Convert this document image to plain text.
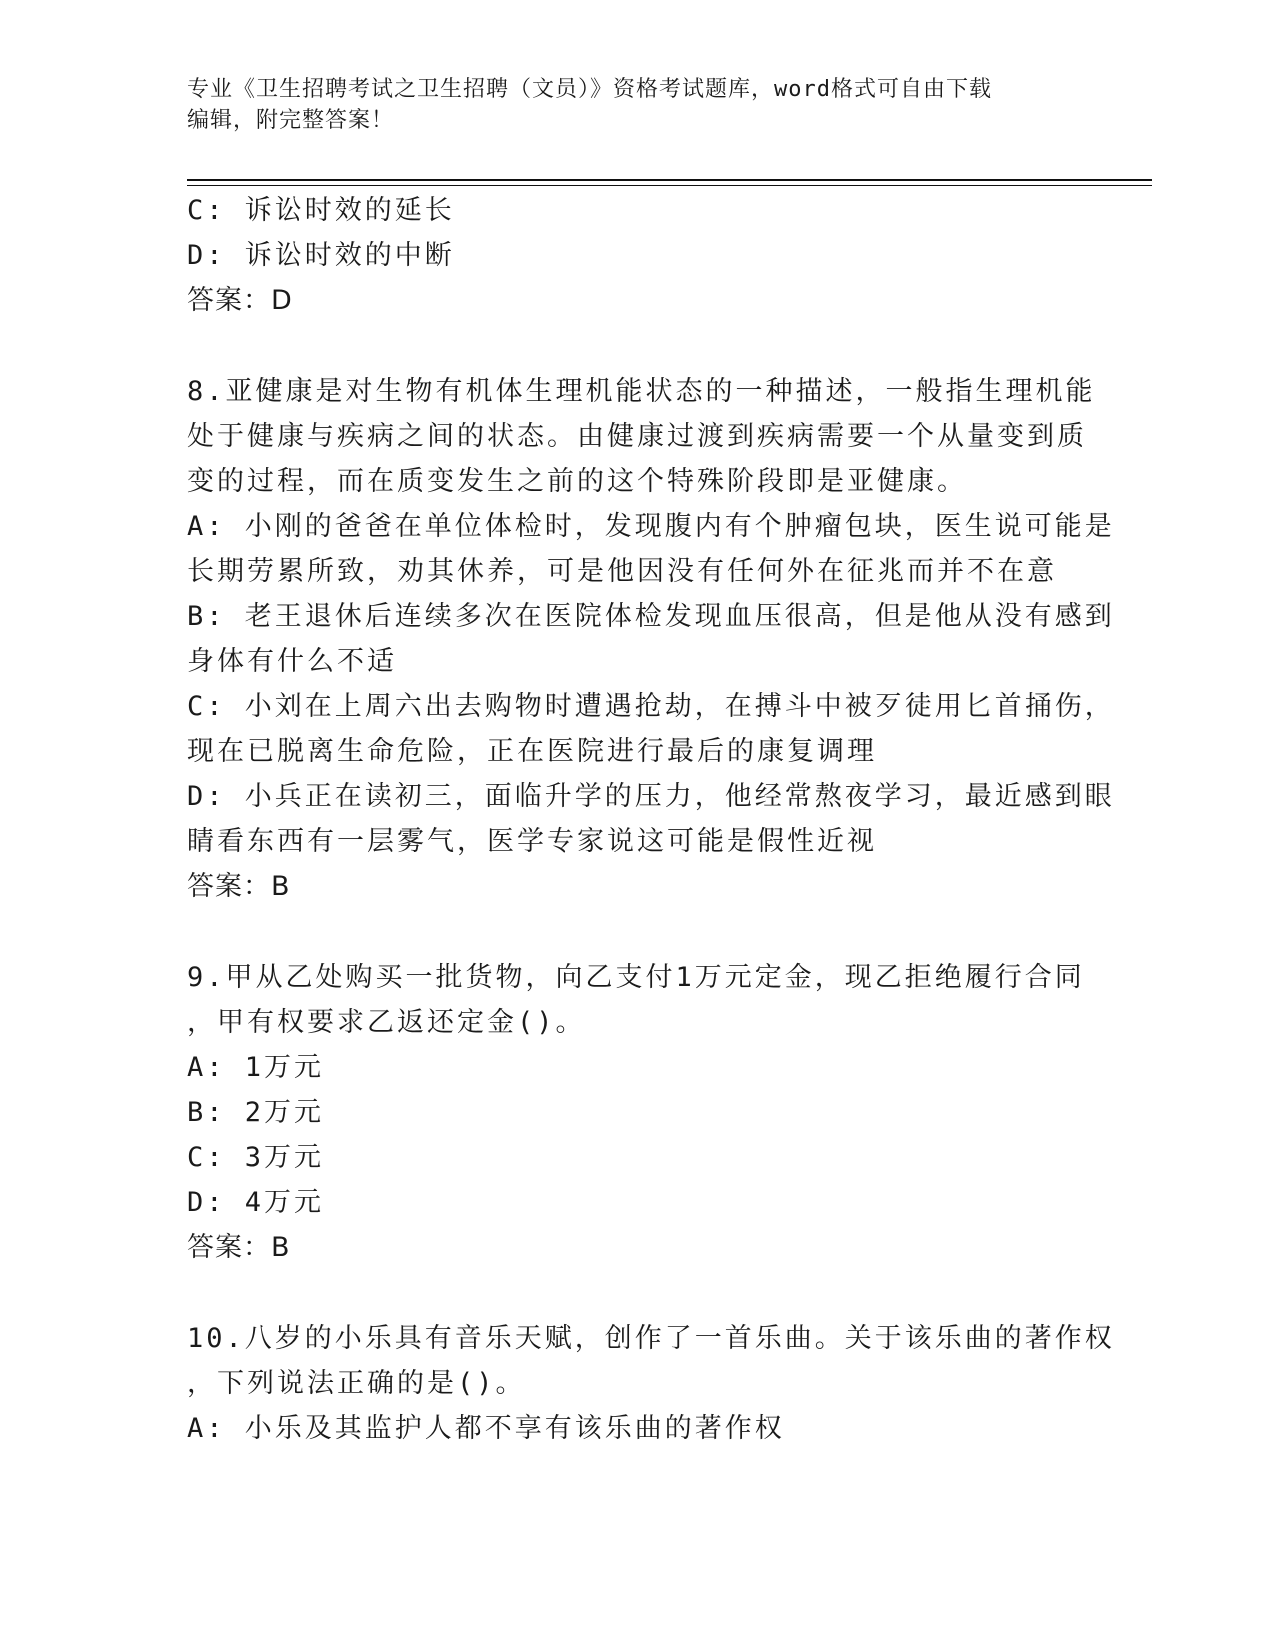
专业《卫生招聘考试之卫生招聘（文员）》资格考试题库，word格式可自由下载
编辑，附完整答案！
C: 诉讼时效的延长
D: 诉讼时效的中断
答案：D
8.亚健康是对生物有机体生理机能状态的一种描述，一般指生理机能
处于健康与疾病之间的状态。由健康过渡到疾病需要一个从量变到质
变的过程，而在质变发生之前的这个特殊阶段即是亚健康。
A: 小刚的爸爸在单位体检时，发现腹内有个肿瘤包块，医生说可能是
长期劳累所致，劝其休养，可是他因没有任何外在征兆而并不在意
B: 老王退休后连续多次在医院体检发现血压很高，但是他从没有感到
身体有什么不适
C: 小刘在上周六出去购物时遭遇抢劫，在搏斗中被歹徒用匕首捅伤，
现在已脱离生命危险，正在医院进行最后的康复调理
D: 小兵正在读初三，面临升学的压力，他经常熬夜学习，最近感到眼
睛看东西有一层雾气，医学专家说这可能是假性近视
答案：B
9.甲从乙处购买一批货物，向乙支付1万元定金，现乙拒绝履行合同
，甲有权要求乙返还定金()。
A: 1万元
B: 2万元
C: 3万元
D: 4万元
答案：B
10.八岁的小乐具有音乐天赋，创作了一首乐曲。关于该乐曲的著作权
，下列说法正确的是()。
A: 小乐及其监护人都不享有该乐曲的著作权
